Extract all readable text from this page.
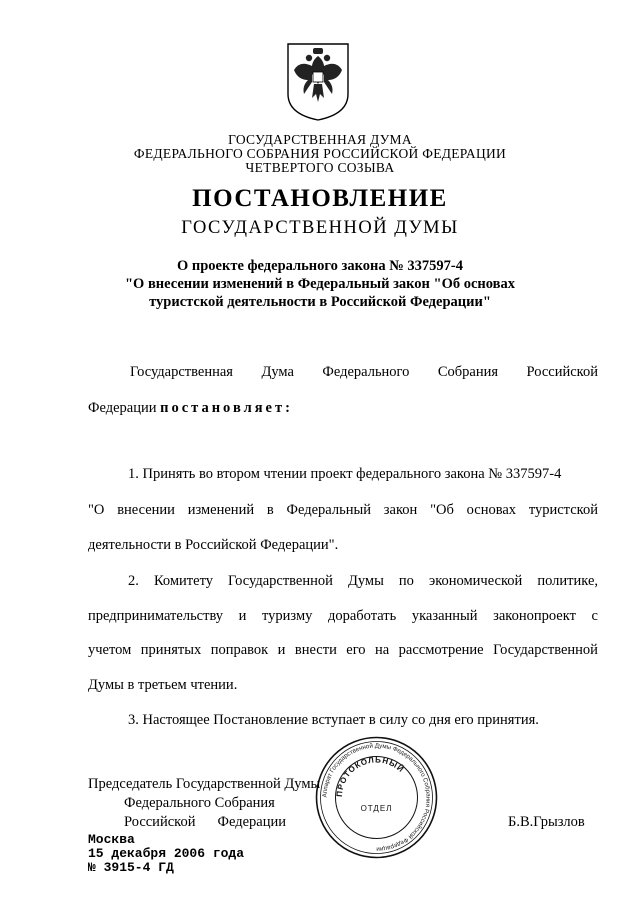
ГОСУДАРСТВЕННАЯ ДУМА
ФЕДЕРАЛЬНОГО СОБРАНИЯ РОССИЙСКОЙ ФЕДЕРАЦИИ
ЧЕТВЕРТОГО СОЗЫВА
ПОСТАНОВЛЕНИЕ
ГОСУДАРСТВЕННОЙ ДУМЫ
О проекте федерального закона № 337597-4
"О внесении изменений в Федеральный закон "Об основах
туристской деятельности в Российской Федерации"
Государственная Дума Федерального Собрания Российской
Федерации постановляет:
1. Принять во втором чтении проект федерального закона № 337597-4
"О внесении изменений в Федеральный закон "Об основах туристской
деятельности в Российской Федерации".
2. Комитету Государственной Думы по экономической политике,
предпринимательству и туризму доработать указанный законопроект с
учетом принятых поправок и внести его на рассмотрение Государственной
Думы в третьем чтении.
3. Настоящее Постановление вступает в силу со дня его принятия.
Аппарат Государственной Думы Федерального Собрания Российской Федерации
ПРОТОКОЛЬНЫЙ
ОТДЕЛ
Председатель Государственной Думы
Федерального Собрания
Российской Федерации	Б.В.Грызлов
Москва
15 декабря 2006 года
№ 3915-4 ГД
